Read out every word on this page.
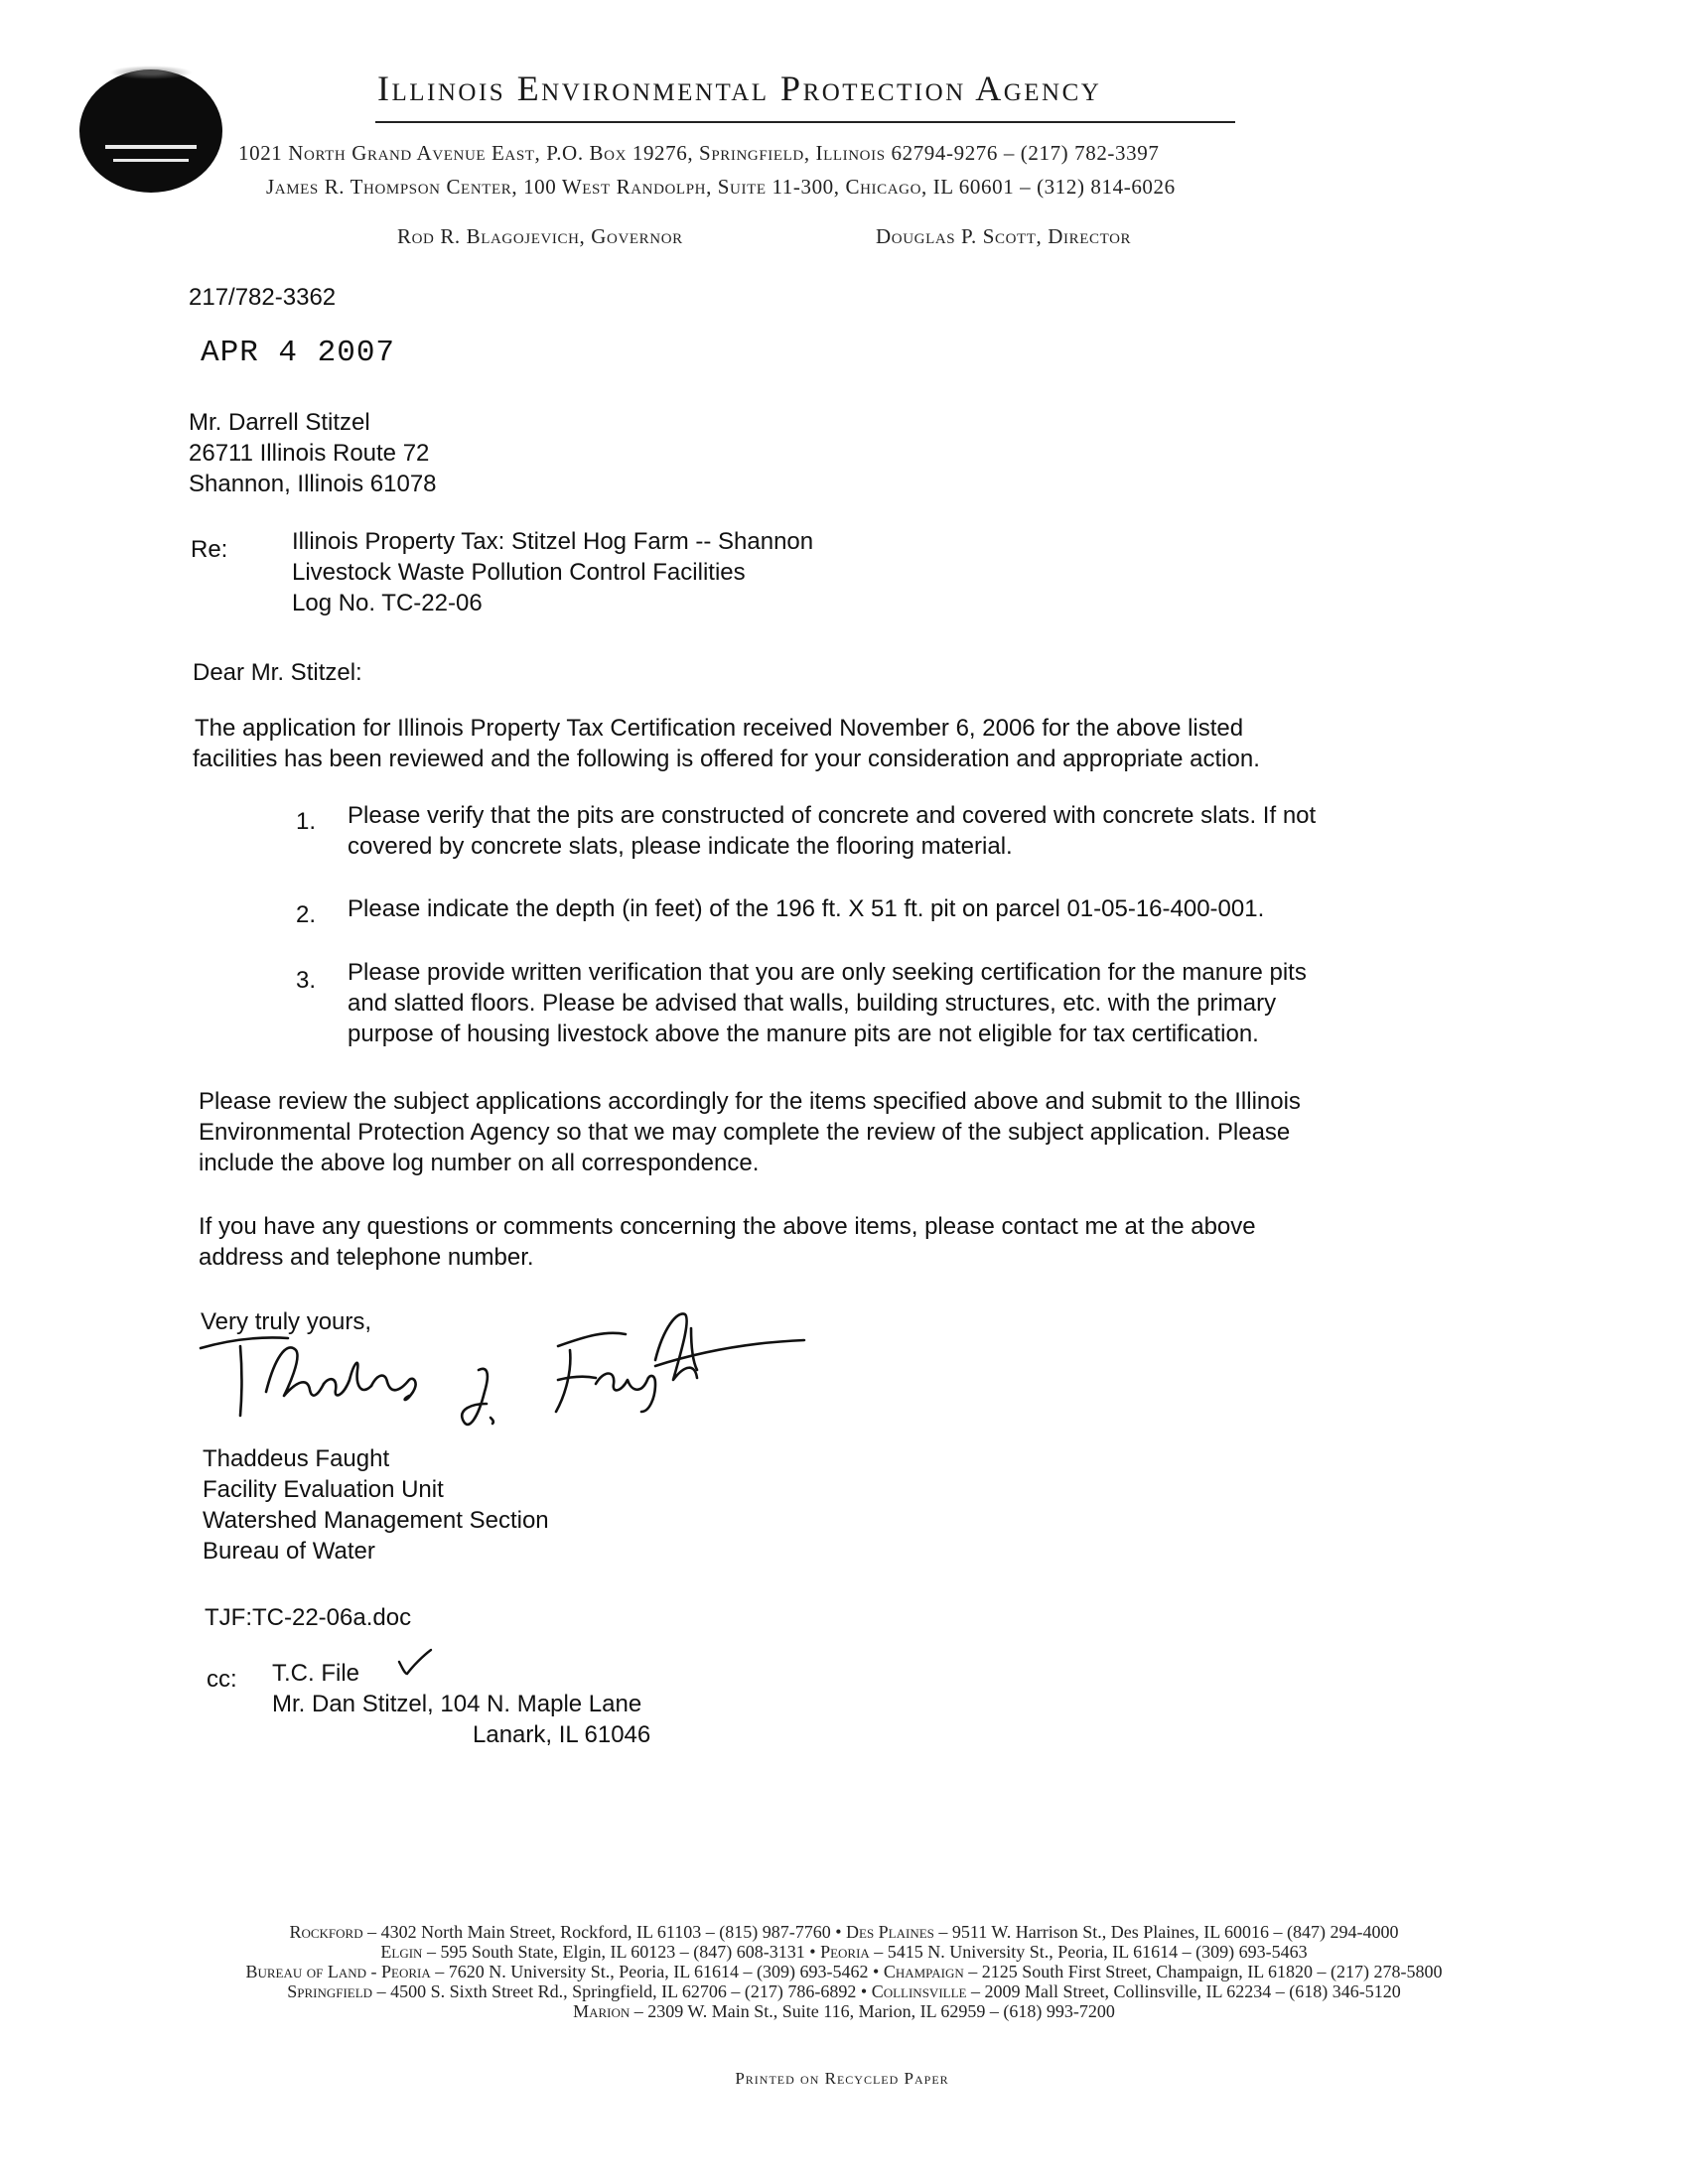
Illinois Environmental Protection Agency
1021 North Grand Avenue East, P.O. Box 19276, Springfield, Illinois 62794-9276 – (217) 782-3397
James R. Thompson Center, 100 West Randolph, Suite 11-300, Chicago, IL 60601 – (312) 814-6026
Rod R. Blagojevich, Governor	Douglas P. Scott, Director
217/782-3362
APR 4 2007
Mr. Darrell Stitzel
26711 Illinois Route 72
Shannon, Illinois 61078
Re:	Illinois Property Tax: Stitzel Hog Farm -- Shannon
Livestock Waste Pollution Control Facilities
Log No. TC-22-06
Dear Mr. Stitzel:
The application for Illinois Property Tax Certification received November 6, 2006 for the above listed
facilities has been reviewed and the following is offered for your consideration and appropriate action.
1. Please verify that the pits are constructed of concrete and covered with concrete slats. If not
covered by concrete slats, please indicate the flooring material.
2. Please indicate the depth (in feet) of the 196 ft. X 51 ft. pit on parcel 01-05-16-400-001.
3. Please provide written verification that you are only seeking certification for the manure pits
and slatted floors. Please be advised that walls, building structures, etc. with the primary
purpose of housing livestock above the manure pits are not eligible for tax certification.
Please review the subject applications accordingly for the items specified above and submit to the Illinois
Environmental Protection Agency so that we may complete the review of the subject application. Please
include the above log number on all correspondence.
If you have any questions or comments concerning the above items, please contact me at the above
address and telephone number.
Very truly yours,
Thaddeus Faught
Facility Evaluation Unit
Watershed Management Section
Bureau of Water
TJF:TC-22-06a.doc
cc: T.C. File
Mr. Dan Stitzel, 104 N. Maple Lane
Lanark, IL 61046
Rockford – 4302 North Main Street, Rockford, IL 61103 – (815) 987-7760 • Des Plaines – 9511 W. Harrison St., Des Plaines, IL 60016 – (847) 294-4000
Elgin – 595 South State, Elgin, IL 60123 – (847) 608-3131 • Peoria – 5415 N. University St., Peoria, IL 61614 – (309) 693-5463
Bureau of Land - Peoria – 7620 N. University St., Peoria, IL 61614 – (309) 693-5462 • Champaign – 2125 South First Street, Champaign, IL 61820 – (217) 278-5800
Springfield – 4500 S. Sixth Street Rd., Springfield, IL 62706 – (217) 786-6892 • Collinsville – 2009 Mall Street, Collinsville, IL 62234 – (618) 346-5120
Marion – 2309 W. Main St., Suite 116, Marion, IL 62959 – (618) 993-7200
Printed on Recycled Paper
